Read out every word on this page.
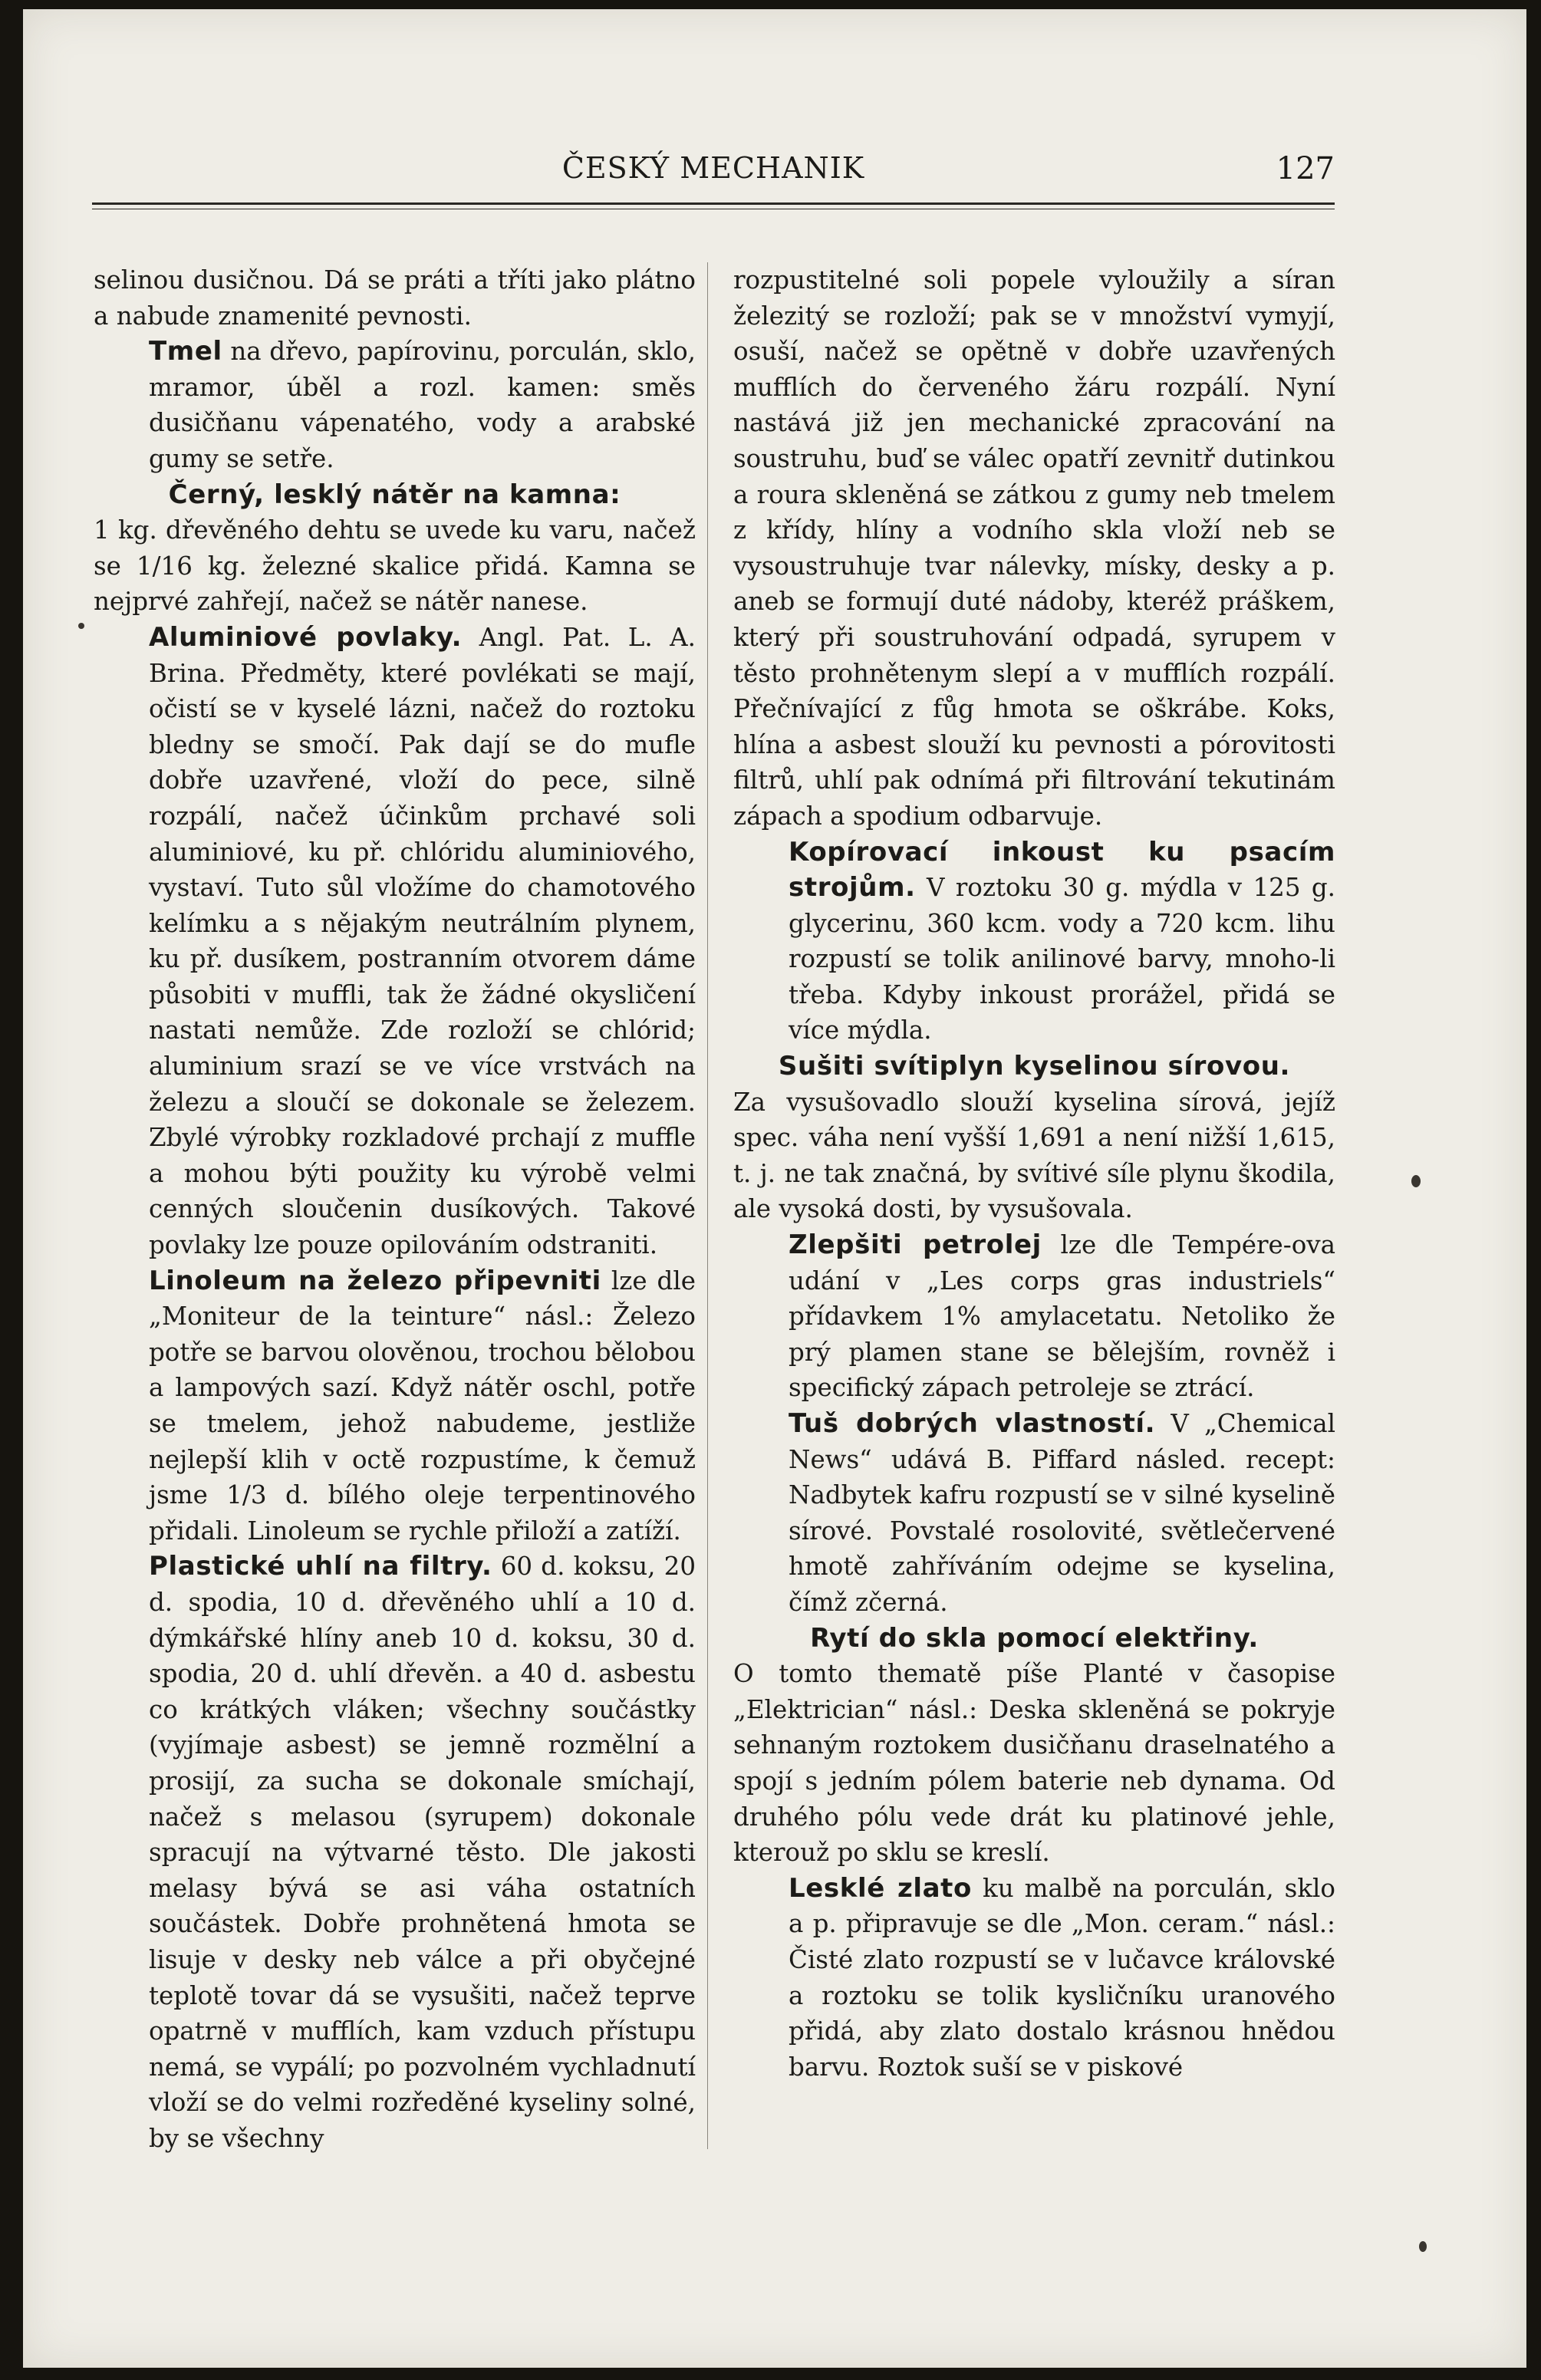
ČESKÝ MECHANIK	127

selinou dusičnou. Dá se práti a tříti jako plátno a nabude znamenité pevnosti.

Tmel na dřevo, papírovinu, porculán, sklo, mramor, úběl a rozl. kamen: směs dusičňanu vápenatého, vody a arabské gumy se setře.

Černý, lesklý nátěr na kamna:

1 kg. dřevěného dehtu se uvede ku varu, načež se 1/16 kg. železné skalice přidá. Kamna se nejprvé zahřejí, načež se nátěr nanese.

Aluminiové povlaky. Angl. Pat. L. A. Brina. Předměty, které povlékati se mají, očistí se v kyselé lázni, načež do roztoku bledny se smočí. Pak dají se do mufle dobře uzavřené, vloží do pece, silně rozpálí, načež účinkům prchavé soli aluminiové, ku př. chlóridu aluminiového, vystaví. Tuto sůl vložíme do chamotového kelímku a s nějakým neutrálním plynem, ku př. dusíkem, postranním otvorem dáme působiti v muffli, tak že žádné okysličení nastati nemůže. Zde rozloží se chlórid; aluminium srazí se ve více vrstvách na železu a sloučí se dokonale se železem. Zbylé výrobky rozkladové prchají z muffle a mohou býti použity ku výrobě velmi cenných sloučenin dusíkových. Takové povlaky lze pouze opilováním odstraniti.

Linoleum na železo připevniti lze dle „Moniteur de la teinture“ násl.: Železo potře se barvou olověnou, trochou bělobou a lampových sazí. Když nátěr oschl, potře se tmelem, jehož nabudeme, jestliže nejlepší klih v octě rozpustíme, k čemuž jsme 1/3 d. bílého oleje terpentinového přidali. Linoleum se rychle přiloží a zatíží.

Plastické uhlí na filtry. 60 d. koksu, 20 d. spodia, 10 d. dřevěného uhlí a 10 d. dýmkářské hlíny aneb 10 d. koksu, 30 d. spodia, 20 d. uhlí dřevěn. a 40 d. asbestu co krátkých vláken; všechny součástky (vyjímaje asbest) se jemně rozmělní a prosijí, za sucha se dokonale smíchají, načež s melasou (syrupem) dokonale spracují na výtvarné těsto. Dle jakosti melasy bývá se asi váha ostatních součástek. Dobře prohnětená hmota se lisuje v desky neb válce a při obyčejné teplotě tovar dá se vysušiti, načež teprve opatrně v mufflích, kam vzduch přístupu nemá, se vypálí; po pozvolném vychladnutí vloží se do velmi rozředěné kyseliny solné, by se všechny

rozpustitelné soli popele vyloužily a síran železitý se rozloží; pak se v množství vymyjí, osuší, načež se opětně v dobře uzavřených mufflích do červeného žáru rozpálí. Nyní nastává již jen mechanické zpracování na soustruhu, buď se válec opatří zevnitř dutinkou a roura skleněná se zátkou z gumy neb tmelem z křídy, hlíny a vodního skla vloží neb se vysoustruhuje tvar nálevky, mísky, desky a p. aneb se formují duté nádoby, kteréž práškem, který při soustruhování odpadá, syrupem v těsto prohnětenym slepí a v mufflích rozpálí. Přečnívající z fůg hmota se oškrábe. Koks, hlína a asbest slouží ku pevnosti a pórovitosti filtrů, uhlí pak odnímá při filtrování tekutinám zápach a spodium odbarvuje.

Kopírovací inkoust ku psacím strojům. V roztoku 30 g. mýdla v 125 g. glycerinu, 360 kcm. vody a 720 kcm. lihu rozpustí se tolik anilinové barvy, mnoho-li třeba. Kdyby inkoust prorážel, přidá se více mýdla.

Sušiti svítiplyn kyselinou sírovou.

Za vysušovadlo slouží kyselina sírová, jejíž spec. váha není vyšší 1,691 a není nižší 1,615, t. j. ne tak značná, by svítivé síle plynu škodila, ale vysoká dosti, by vysušovala.

Zlepšiti petrolej lze dle Tempére-ova udání v „Les corps gras industriels“ přídavkem 1% amylacetatu. Netoliko že prý plamen stane se bělejším, rovněž i specifický zápach petroleje se ztrácí.

Tuš dobrých vlastností. V „Chemical News“ udává B. Piffard násled. recept: Nadbytek kafru rozpustí se v silné kyselině sírové. Povstalé rosolovité, světlečervené hmotě zahříváním odejme se kyselina, čímž zčerná.

Rytí do skla pomocí elektřiny.

O tomto thematě píše Planté v časopise „Elektrician“ násl.: Deska skleněná se pokryje sehnaným roztokem dusičňanu draselnatého a spojí s jedním pólem baterie neb dynama. Od druhého pólu vede drát ku platinové jehle, kterouž po sklu se kreslí.

Lesklé zlato ku malbě na porculán, sklo a p. připravuje se dle „Mon. ceram.“ násl.: Čisté zlato rozpustí se v lučavce královské a roztoku se tolik kysličníku uranového přidá, aby zlato dostalo krásnou hnědou barvu. Roztok suší se v piskové
